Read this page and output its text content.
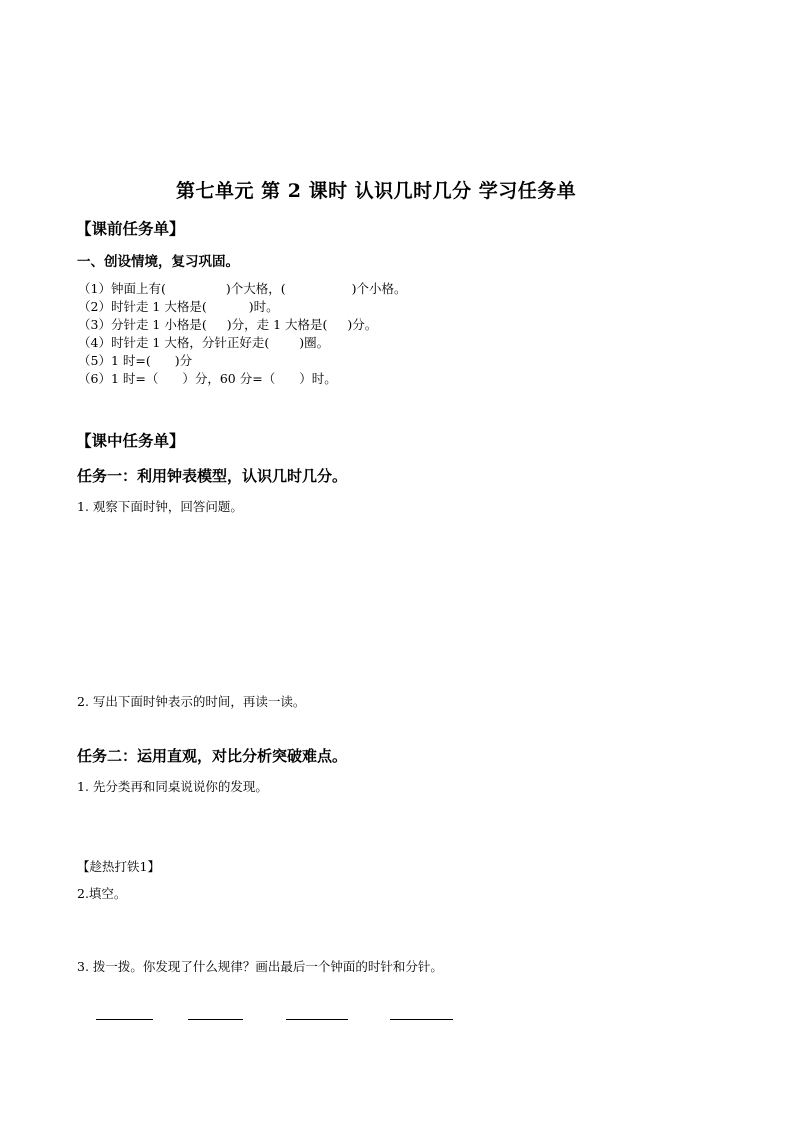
第七单元 第 2 课时 认识几时几分 学习任务单
【课前任务单】
一、创设情境，复习巩固。
（1）钟面上有(	)个大格，(	)个小格。
（2）时针走 1 大格是(	)时。
（3）分针走 1 小格是( )分，走 1 大格是( )分。
（4）时针走 1 大格，分针正好走( )圈。
（5）1 时=( )分
（6）1 时=（ ）分，60 分=（ ）时。
【课中任务单】
任务一：利用钟表模型，认识几时几分。
1. 观察下面时钟，回答问题。
2. 写出下面时钟表示的时间，再读一读。
任务二：运用直观，对比分析突破难点。
1. 先分类再和同桌说说你的发现。
【趁热打铁1】
2.填空。
3. 拨一拨。你发现了什么规律？画出最后一个钟面的时针和分针。
